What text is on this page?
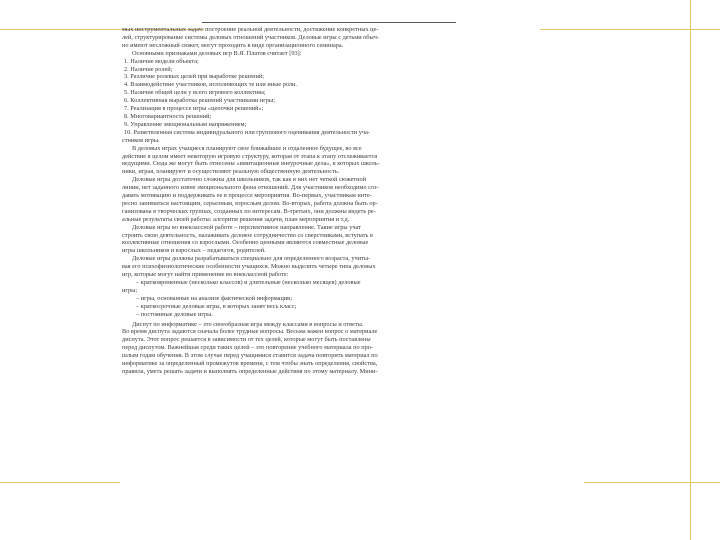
мых инструментальных задач: построение реальной деятельности, достижение конкретных це-
лей, структурирование системы деловых отношений участников. Деловые игры с детьми обыч-
но имеют несложный сюжет, могут проходить в виде организационного семинара.
Основными признаками деловых игр В.Я. Платов считает [93]:
1. Наличие модели объекта;
2. Наличие ролей;
3. Различие ролевых целей при выработке решений;
4. Взаимодействие участников, исполняющих те или иные роли.
5. Наличие общей цели у всего игрового коллектива;
6. Коллективная выработка решений участниками игры;
7. Реализация в процессе игры «цепочки решений»;
8. Многовариантность решений;
9. Управление эмоциональным напряжением;
10. Разветвленная система индивидуального или группового оценивания деятельности уча-
стников игры.
В деловых играх учащиеся планируют свое ближайшее и отдаленное будущее, во все
действие в целом имеет некоторую игровую структуру, которая от этапа к этапу отслеживается
ведущими. Сюда же могут быть отнесены «имитационные внеурочные дела», в которых школь-
ники, играя, планируют и осуществляют реальную общественную деятельность.
Деловые игры достаточно сложны для школьников, так как в них нет четкой сюжетной
линии, нет заданного извне эмоционального фона отношений. Для участников необходимо соз-
давать мотивацию и поддерживать ее в процессе мероприятия. Во-первых, участникам инте-
ресно заниматься настоящим, серьезным, взрослым делом. Во-вторых, работа должна быть ор-
ганизована в творческих группах, созданных по интересам. В-третьих, они должны видеть ре-
альные результаты своей работы: алгоритм решения задачи, план мероприятия и т.д.
Деловые игры во внеклассной работе – перспективное направление. Такие игры учат
строить свою деятельность, налаживать деловое сотрудничество со сверстниками, вступать в
коллективные отношения со взрослыми. Особенно ценными являются совместные деловые
игры школьников и взрослых – педагогов, родителей.
Деловые игры должны разрабатываться специально для определенного возраста, учиты-
вая его психофизиологические особенности учащихся. Можно выделить четыре типа деловых
игр, которые могут найти применение во внеклассной работе:
– кратковременные (несколько классов) и длительные (несколько месяцев) деловые
игры;
– игры, основанные на анализе фактической информации;
– краткосрочные деловые игры, в которых занят весь класс;
– постоянные деловые игры.
Диспут по информатике – это своеобразная игра между классами в вопросы и ответы.
Во время диспута задаются сначала более трудные вопросы. Весьма важен вопрос о материале
диспута. Этот вопрос решается в зависимости от тех целей, которые могут быть поставлены
перед диспутом. Важнейшая среди таких целей – это повторение учебного материала по про-
шлым годам обучения. В этом случае перед учащимися ставится задача повторить материал по
информатике за определенный промежуток времени, с тем чтобы знать определения, свойства,
правила, уметь решать задачи и выполнять определенные действия по этому материалу. Мини-
